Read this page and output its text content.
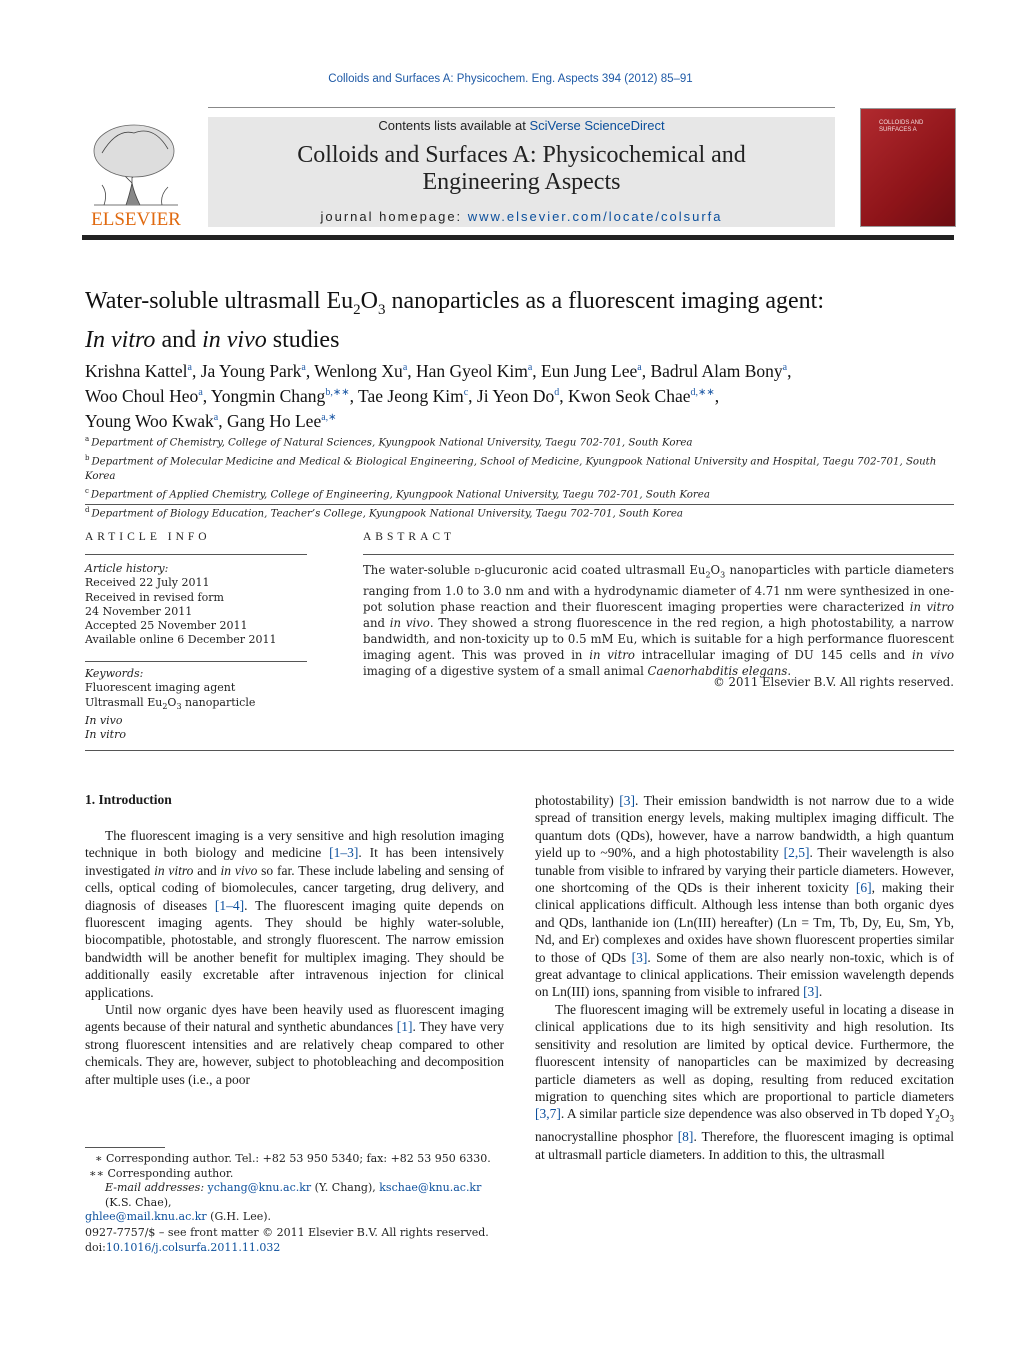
Colloids and Surfaces A: Physicochem. Eng. Aspects 394 (2012) 85–91
Contents lists available at SciVerse ScienceDirect
Colloids and Surfaces A: Physicochemical and
Engineering Aspects
journal homepage: www.elsevier.com/locate/colsurfa
ELSEVIER
COLLOIDS AND SURFACES A
Water-soluble ultrasmall $Eu_2O_3$ nanoparticles as a fluorescent imaging agent:
In vitro and in vivo studies
Krishna Kattel$^a$, Ja Young Park$^a$, Wenlong Xu$^a$, Han Gyeol Kim$^a$, Eun Jung Lee$^a$, Badrul Alam Bony$^a$,
Woo Choul Heo$^a$, Yongmin Chang$^{b,∗∗}$, Tae Jeong Kim$^c$, Ji Yeon Do$^d$, Kwon Seok Chae$^{d,∗∗}$,
Young Woo Kwak$^a$, Gang Ho Lee$^{a,∗}$
$^a$ Department of Chemistry, College of Natural Sciences, Kyungpook National University, Taegu 702-701, South Korea
$^b$ Department of Molecular Medicine and Medical & Biological Engineering, School of Medicine, Kyungpook National University and Hospital, Taegu 702-701, South Korea
$^c$ Department of Applied Chemistry, College of Engineering, Kyungpook National University, Taegu 702-701, South Korea
$^d$ Department of Biology Education, Teacher’s College, Kyungpook National University, Taegu 702-701, South Korea
ARTICLE INFO	ABSTRACT
Article history:
Received 22 July 2011
Received in revised form
24 November 2011
Accepted 25 November 2011
Available online 6 December 2011
Keywords:
Fluorescent imaging agent
Ultrasmall $Eu_2O_3$ nanoparticle
In vivo
In vitro
The water-soluble d-glucuronic acid coated ultrasmall $Eu_2O_3$ nanoparticles with particle diameters ranging from 1.0 to 3.0 nm and with a hydrodynamic diameter of 4.71 nm were synthesized in one-pot solution phase reaction and their fluorescent imaging properties were characterized in vitro and in vivo. They showed a strong fluorescence in the red region, a high photostability, a narrow bandwidth, and non-toxicity up to 0.5 mM Eu, which is suitable for a high performance fluorescent imaging agent. This was proved in in vitro intracellular imaging of DU 145 cells and in vivo imaging of a digestive system of a small animal Caenorhabditis elegans.
© 2011 Elsevier B.V. All rights reserved.
1. Introduction

The fluorescent imaging is a very sensitive and high resolution imaging technique in both biology and medicine [1–3]. It has been intensively investigated in vitro and in vivo so far. These include labeling and sensing of cells, optical coding of biomolecules, cancer targeting, drug delivery, and diagnosis of diseases [1–4]. The fluorescent imaging quite depends on fluorescent imaging agents. They should be highly water-soluble, biocompatible, photostable, and strongly fluorescent. The narrow emission bandwidth will be another benefit for multiplex imaging. They should be additionally easily excretable after intravenous injection for clinical applications.

Until now organic dyes have been heavily used as fluorescent imaging agents because of their natural and synthetic abundances [1]. They have very strong fluorescent intensities and are relatively cheap compared to other chemicals. They are, however, subject to photobleaching and decomposition after multiple uses (i.e., a poor

photostability) [3]. Their emission bandwidth is not narrow due to a wide spread of transition energy levels, making multiplex imaging difficult. The quantum dots (QDs), however, have a narrow bandwidth, a high quantum yield up to ~90%, and a high photostability [2,5]. Their wavelength is also tunable from visible to infrared by varying their particle diameters. However, one shortcoming of the QDs is their inherent toxicity [6], making their clinical applications difficult. Although less intense than both organic dyes and QDs, lanthanide ion (Ln(III) hereafter) (Ln = Tm, Tb, Dy, Eu, Sm, Yb, Nd, and Er) complexes and oxides have shown fluorescent properties similar to those of QDs [3]. Some of them are also nearly non-toxic, which is of great advantage to clinical applications. Their emission wavelength depends on Ln(III) ions, spanning from visible to infrared [3].

The fluorescent imaging will be extremely useful in locating a disease in clinical applications due to its high sensitivity and high resolution. Its sensitivity and resolution are limited by optical device. Furthermore, the fluorescent intensity of nanoparticles can be maximized by decreasing particle diameters as well as doping, resulting from reduced excitation migration to quenching sites which are proportional to particle diameters [3,7]. A similar particle size dependence was also observed in Tb doped $Y_2O_3$ nanocrystalline phosphor [8]. Therefore, the fluorescent imaging is optimal at ultrasmall particle diameters. In addition to this, the ultrasmall

∗ Corresponding author. Tel.: +82 53 950 5340; fax: +82 53 950 6330.
∗∗ Corresponding author.
E-mail addresses: ychang@knu.ac.kr (Y. Chang), kschae@knu.ac.kr (K.S. Chae),
ghlee@mail.knu.ac.kr (G.H. Lee).
0927-7757/$ – see front matter © 2011 Elsevier B.V. All rights reserved.
doi:10.1016/j.colsurfa.2011.11.032
